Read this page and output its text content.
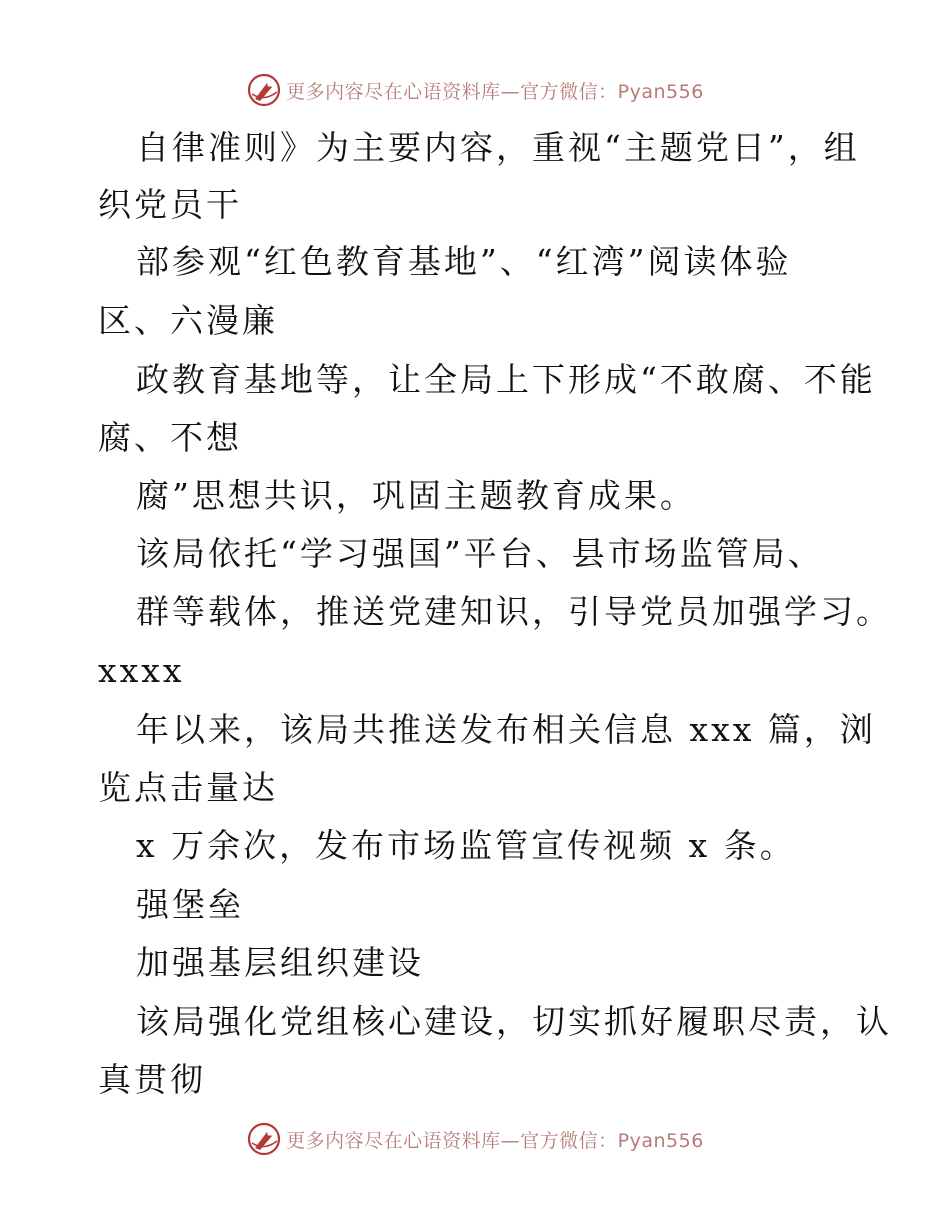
更多内容尽在心语资料库—官方微信：Pyan556
自律准则》为主要内容，重视“主题党日”，组
织党员干
部参观“红色教育基地”、“红湾”阅读体验
区、六漫廉
政教育基地等，让全局上下形成“不敢腐、不能
腐、不想
腐”思想共识，巩固主题教育成果。
该局依托“学习强国”平台、县市场监管局、
群等载体，推送党建知识，引导党员加强学习。
xxxx
年以来，该局共推送发布相关信息 xxx 篇，浏
览点击量达
x 万余次，发布市场监管宣传视频 x 条。
强堡垒
加强基层组织建设
该局强化党组核心建设，切实抓好履职尽责，认
真贯彻
更多内容尽在心语资料库—官方微信：Pyan556
